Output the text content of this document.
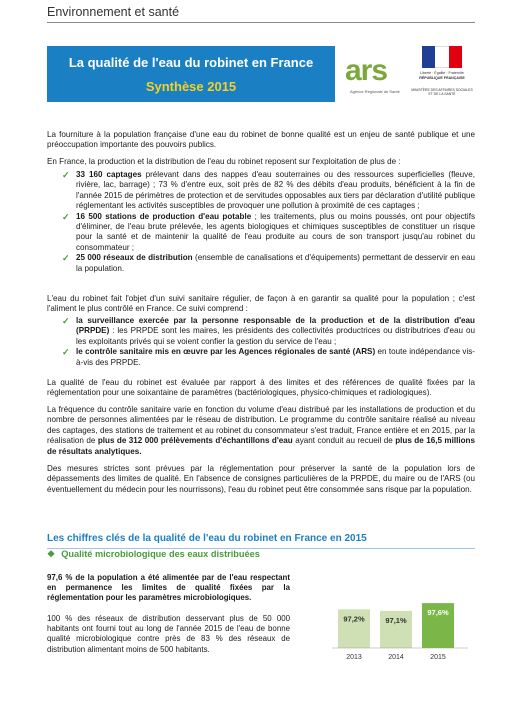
Environnement et santé
La qualité de l'eau du robinet en France
Synthèse 2015	ars
Agence Régionale de Santé
Liberté · Égalité · Fraternité
RÉPUBLIQUE FRANÇAISE
MINISTÈRE DES AFFAIRES SOCIALES ET DE LA SANTÉ

La fourniture à la population française d'une eau du robinet de bonne qualité est un enjeu de santé publique et une préoccupation importante des pouvoirs publics.

En France, la production et la distribution de l'eau du robinet reposent sur l'exploitation de plus de :

✓ 33 160 captages prélevant dans des nappes d'eau souterraines ou des ressources superficielles (fleuve, rivière, lac, barrage) ; 73 % d'entre eux, soit près de 82 % des débits d'eau produits, bénéficient à la fin de l'année 2015 de périmètres de protection et de servitudes opposables aux tiers par déclaration d'utilité publique réglementant les activités susceptibles de provoquer une pollution à proximité de ces captages ;

✓ 16 500 stations de production d'eau potable ; les traitements, plus ou moins poussés, ont pour objectifs d'éliminer, de l'eau brute prélevée, les agents biologiques et chimiques susceptibles de constituer un risque pour la santé et de maintenir la qualité de l'eau produite au cours de son transport jusqu'au robinet du consommateur ;

✓ 25 000 réseaux de distribution (ensemble de canalisations et d'équipements) permettant de desservir en eau la population.

L'eau du robinet fait l'objet d'un suivi sanitaire régulier, de façon à en garantir sa qualité pour la population ; c'est l'aliment le plus contrôlé en France. Ce suivi comprend :

✓ la surveillance exercée par la personne responsable de la production et de la distribution d'eau (PRPDE) : les PRPDE sont les maires, les présidents des collectivités productrices ou distributrices d'eau ou les exploitants privés qui se voient confier la gestion du service de l'eau ;

✓ le contrôle sanitaire mis en œuvre par les Agences régionales de santé (ARS) en toute indépendance vis-à-vis des PRPDE.

La qualité de l'eau du robinet est évaluée par rapport à des limites et des références de qualité fixées par la réglementation pour une soixantaine de paramètres (bactériologiques, physico-chimiques et radiologiques).

La fréquence du contrôle sanitaire varie en fonction du volume d'eau distribué par les installations de production et du nombre de personnes alimentées par le réseau de distribution. Le programme du contrôle sanitaire réalisé au niveau des captages, des stations de traitement et au robinet du consommateur s'est traduit, France entière et en 2015, par la réalisation de plus de 312 000 prélèvements d'échantillons d'eau ayant conduit au recueil de plus de 16,5 millions de résultats analytiques.

Des mesures strictes sont prévues par la réglementation pour préserver la santé de la population lors de dépassements des limites de qualité. En l'absence de consignes particulières de la PRPDE, du maire ou de l'ARS (ou éventuellement du médecin pour les nourrissons), l'eau du robinet peut être consommée sans risque par la population.

Les chiffres clés de la qualité de l'eau du robinet en France en 2015
❖ Qualité microbiologique des eaux distribuées
97,6 % de la population a été alimentée par de l'eau respectant en permanence les limites de qualité fixées par la réglementation pour les paramètres microbiologiques.
100 % des réseaux de distribution desservant plus de 50 000 habitants ont fourni tout au long de l'année 2015 de l'eau de bonne qualité microbiologique contre près de 83 % des réseaux de distribution alimentant moins de 500 habitants.
97,2%
2013
97,1%
2014
97,6%
2015
